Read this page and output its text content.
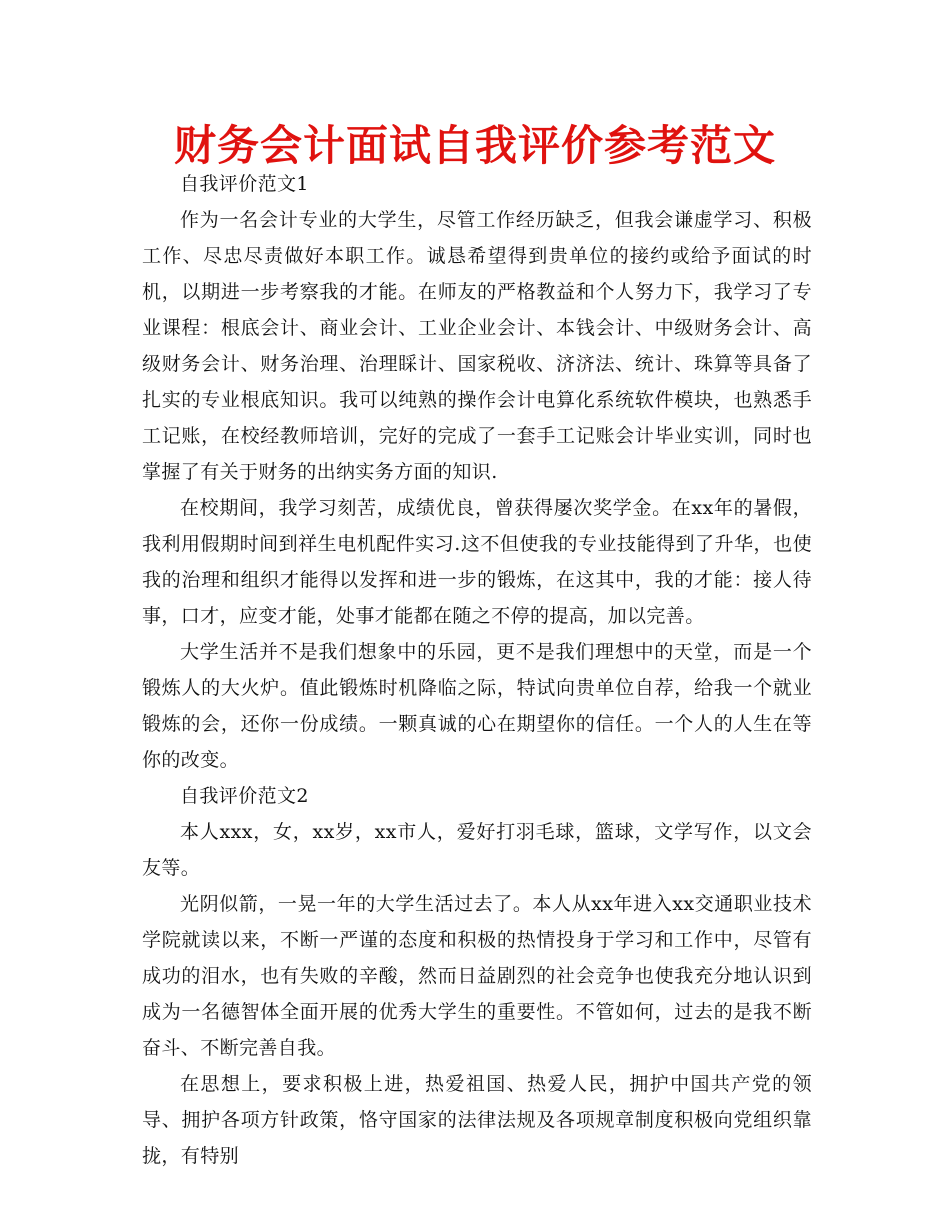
财务会计面试自我评价参考范文

自我评价范文1

作为一名会计专业的大学生，尽管工作经历缺乏，但我会谦虚学习、积极工作、尽忠尽责做好本职工作。诚恳希望得到贵单位的接约或给予面试的时机，以期进一步考察我的才能。在师友的严格教益和个人努力下，我学习了专业课程：根底会计、商业会计、工业企业会计、本钱会计、中级财务会计、高级财务会计、财务治理、治理睬计、国家税收、济济法、统计、珠算等具备了扎实的专业根底知识。我可以纯熟的操作会计电算化系统软件模块，也熟悉手工记账，在校经教师培训，完好的完成了一套手工记账会计毕业实训，同时也掌握了有关于财务的出纳实务方面的知识.

在校期间，我学习刻苦，成绩优良，曾获得屡次奖学金。在xx年的暑假，我利用假期时间到祥生电机配件实习.这不但使我的专业技能得到了升华，也使我的治理和组织才能得以发挥和进一步的锻炼，在这其中，我的才能：接人待事，口才，应变才能，处事才能都在随之不停的提高，加以完善。

大学生活并不是我们想象中的乐园，更不是我们理想中的天堂，而是一个锻炼人的大火炉。值此锻炼时机降临之际，特试向贵单位自荐，给我一个就业锻炼的会，还你一份成绩。一颗真诚的心在期望你的信任。一个人的人生在等你的改变。

自我评价范文2

本人xxx，女，xx岁，xx市人，爱好打羽毛球，篮球，文学写作，以文会友等。

光阴似箭，一晃一年的大学生活过去了。本人从xx年进入xx交通职业技术学院就读以来，不断一严谨的态度和积极的热情投身于学习和工作中，尽管有成功的泪水，也有失败的辛酸，然而日益剧烈的社会竞争也使我充分地认识到成为一名德智体全面开展的优秀大学生的重要性。不管如何，过去的是我不断奋斗、不断完善自我。

在思想上，要求积极上进，热爱祖国、热爱人民，拥护中国共产党的领导、拥护各项方针政策，恪守国家的法律法规及各项规章制度积极向党组织靠拢，有特别
